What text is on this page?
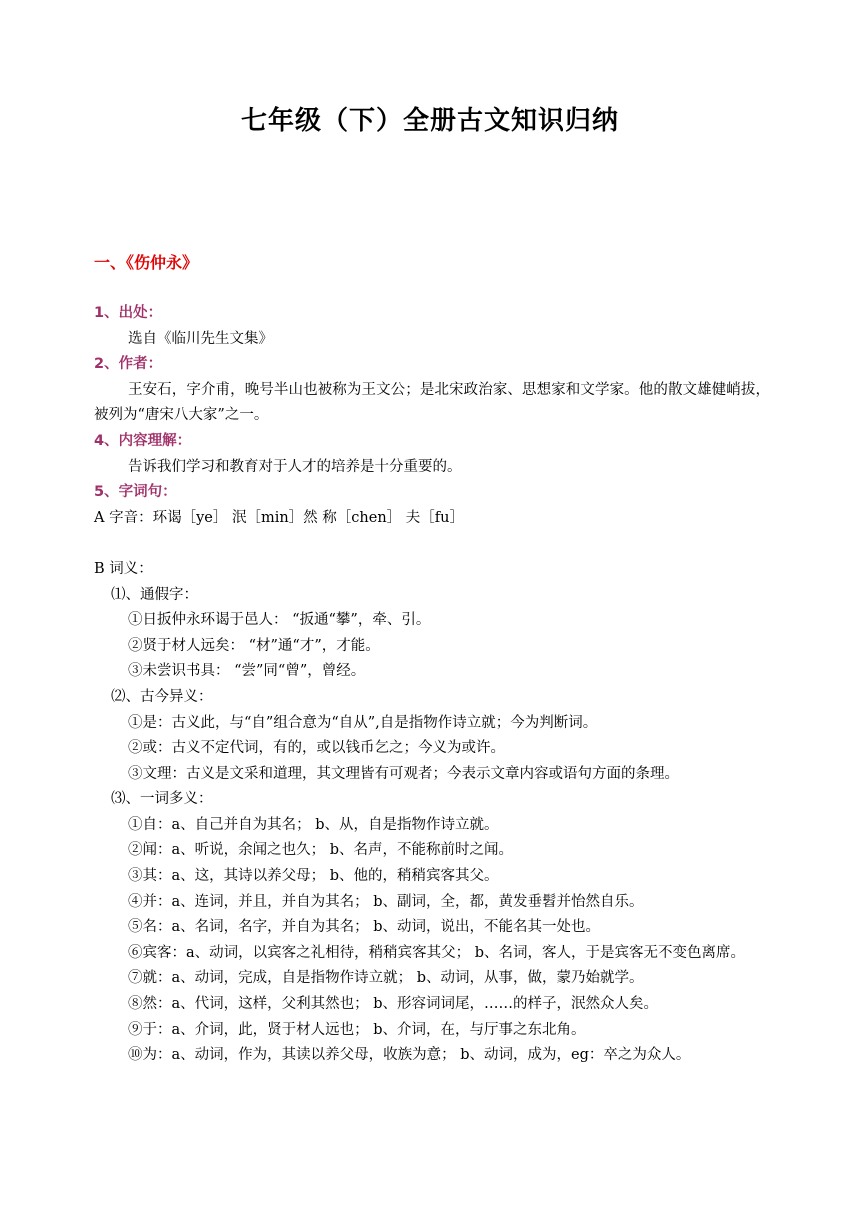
七年级（下）全册古文知识归纳
一、《伤仲永》
1、出处：
选自《临川先生文集》
2、作者：
王安石，字介甫，晚号半山也被称为王文公；是北宋政治家、思想家和文学家。他的散文雄健峭拔，被列为“唐宋八大家”之一。
4、内容理解：
告诉我们学习和教育对于人才的培养是十分重要的。
5、字词句：
A 字音：环谒［ye］ 泯［min］然 称［chen］ 夫［fu］
B 词义：
⑴、通假字：
①日扳仲永环谒于邑人： “扳通“攀”，牵、引。
②贤于材人远矣： “材”通“才”，才能。
③未尝识书具： “尝”同“曾”，曾经。
⑵、古今异义：
①是：古义此，与“自”组合意为“自从”,自是指物作诗立就；今为判断词。
②或：古义不定代词，有的，或以钱币乞之；今义为或许。
③文理：古义是文采和道理，其文理皆有可观者；今表示文章内容或语句方面的条理。
⑶、一词多义：
①自：a、自己并自为其名； b、从，自是指物作诗立就。
②闻：a、听说，余闻之也久； b、名声，不能称前时之闻。
③其：a、这，其诗以养父母； b、他的，稍稍宾客其父。
④并：a、连词，并且，并自为其名； b、副词，全，都，黄发垂髫并怡然自乐。
⑤名：a、名词，名字，并自为其名； b、动词，说出，不能名其一处也。
⑥宾客：a、动词，以宾客之礼相待，稍稍宾客其父； b、名词，客人，于是宾客无不变色离席。
⑦就：a、动词，完成，自是指物作诗立就； b、动词，从事，做，蒙乃始就学。
⑧然：a、代词，这样，父利其然也； b、形容词词尾，……的样子，泯然众人矣。
⑨于：a、介词，此，贤于材人远也； b、介词，在，与厅事之东北角。
⑩为：a、动词，作为，其读以养父母，收族为意； b、动词，成为，eg：卒之为众人。
